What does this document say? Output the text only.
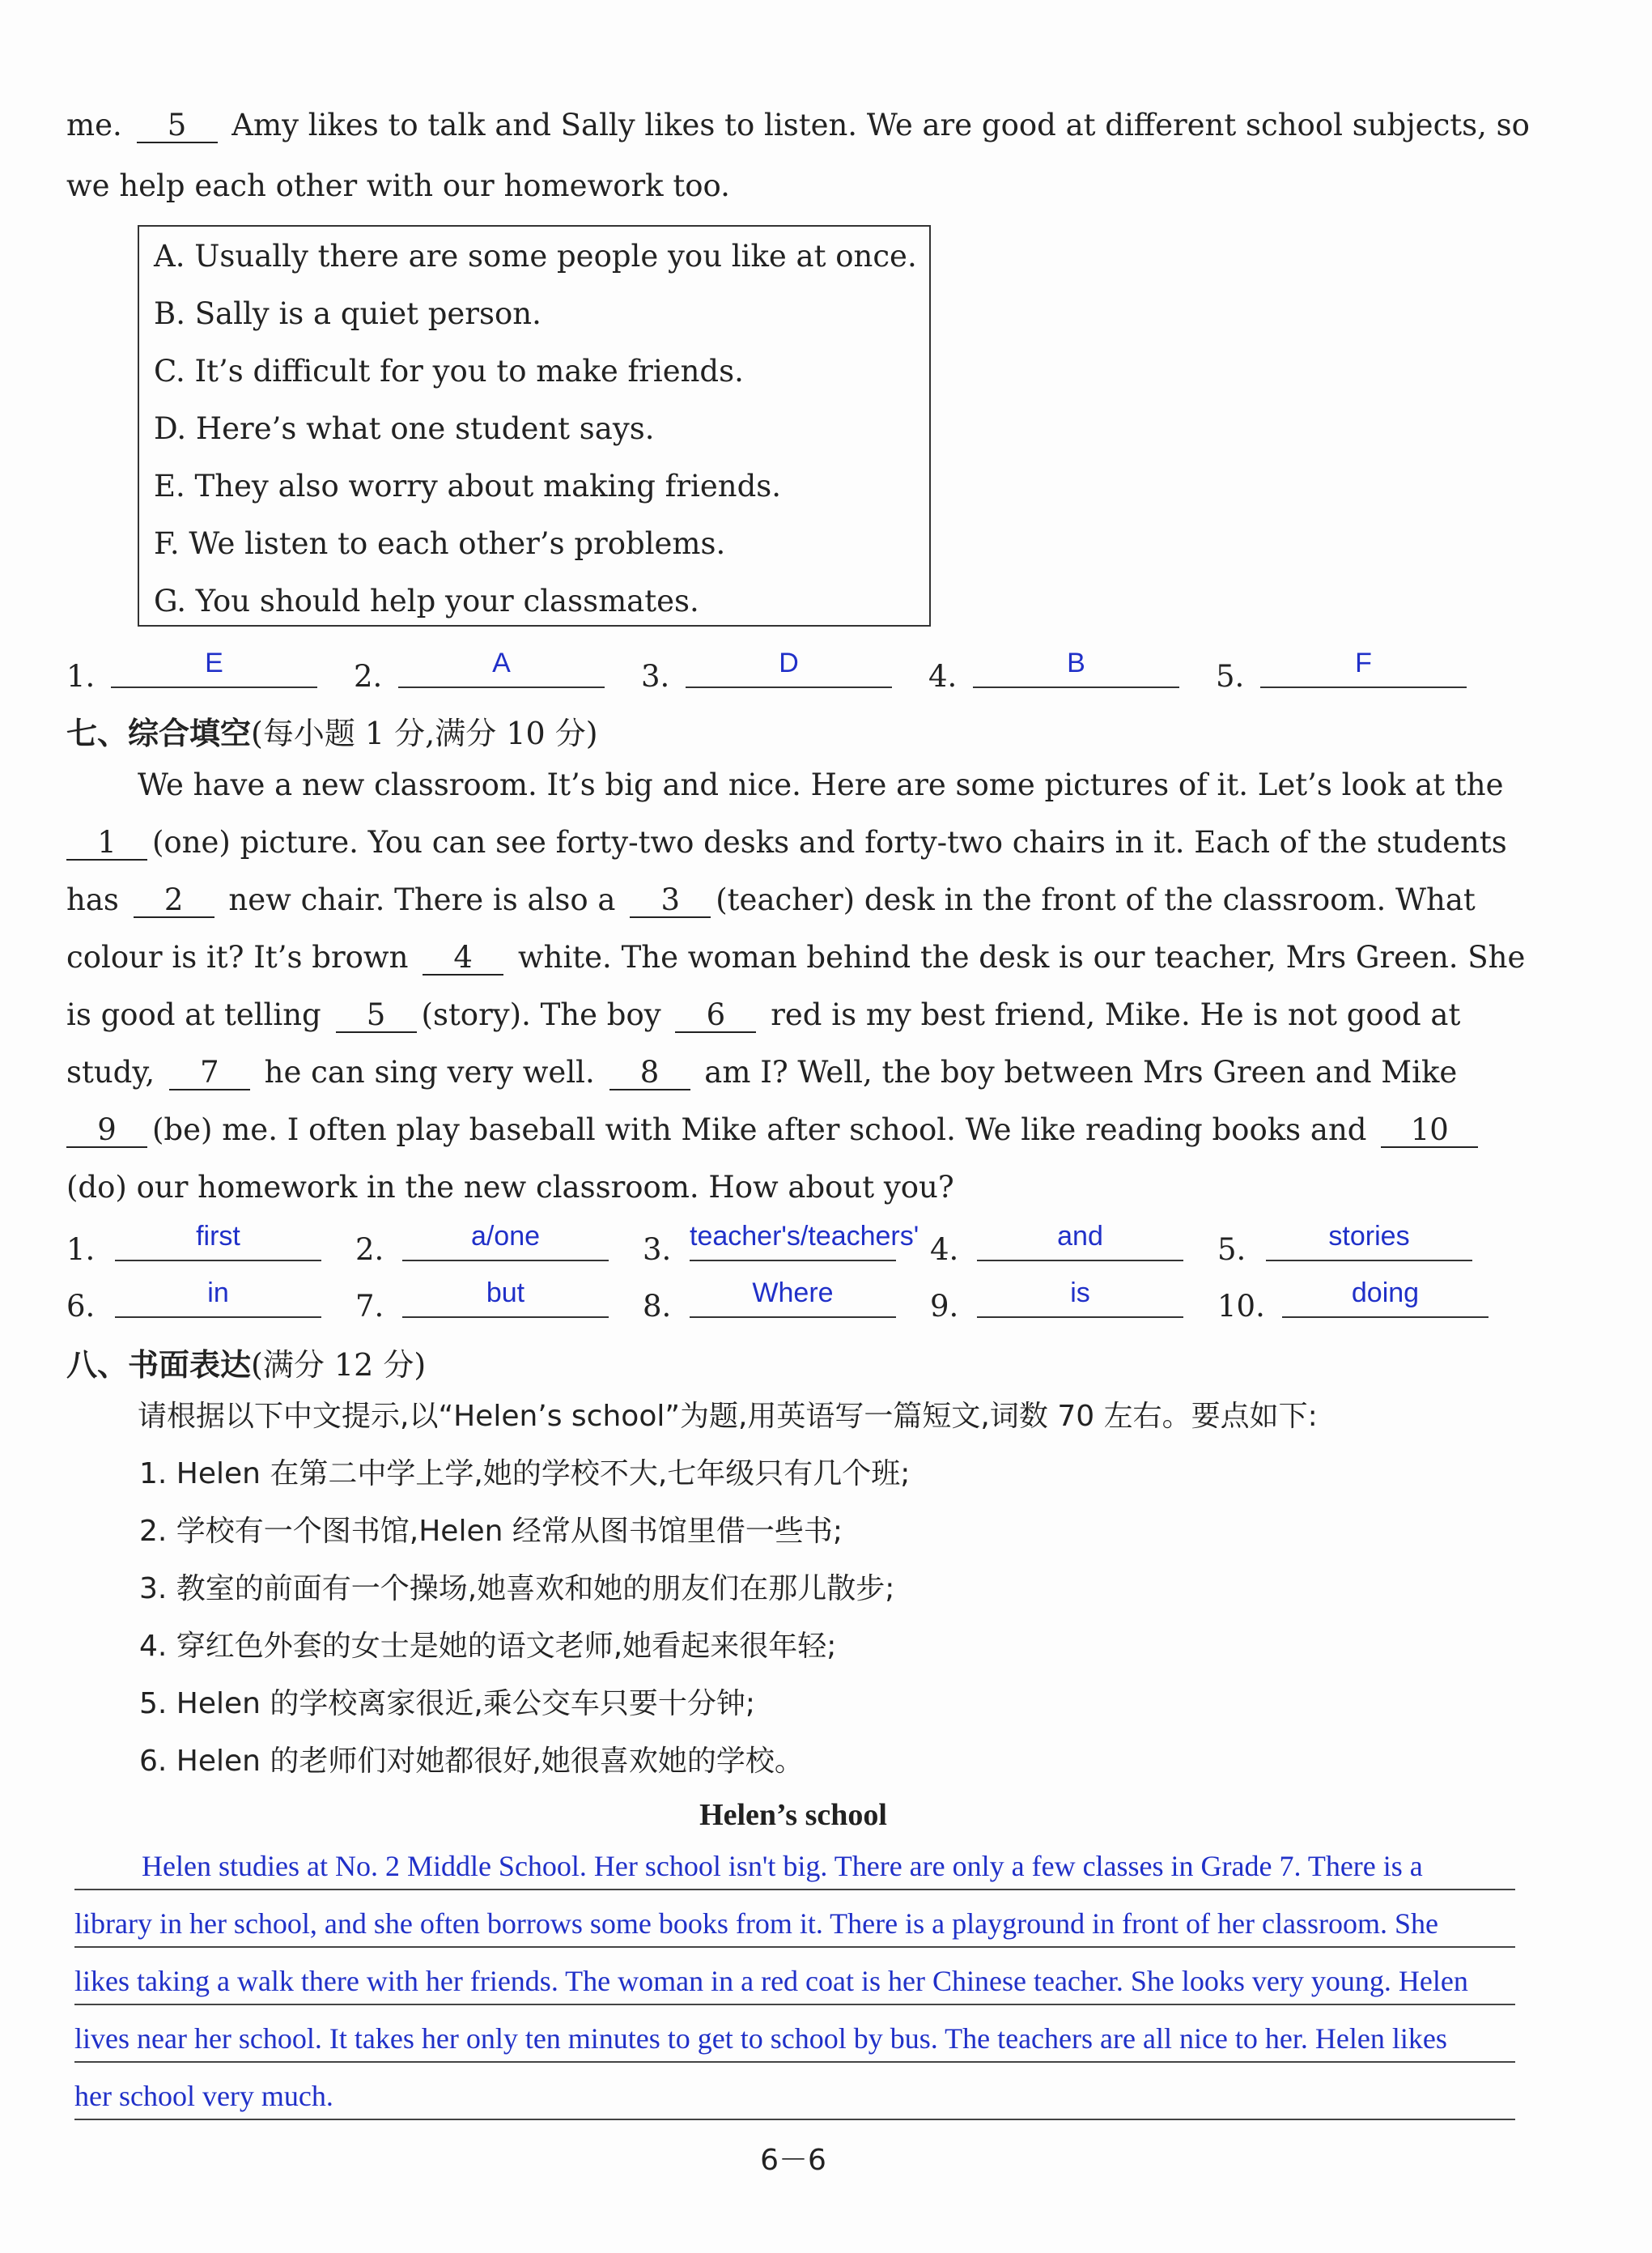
me. 5 Amy likes to talk and Sally likes to listen. We are good at different school subjects, so
we help each other with our homework too.
A. Usually there are some people you like at once.
B. Sally is a quiet person.
C. It’s difficult for you to make friends.
D. Here’s what one student says.
E. They also worry about making friends.
F. We listen to each other’s problems.
G. You should help your classmates.
1.	E	2.	A	3.	D	4.	B	5.	F
七、综合填空(每小题 1 分,满分 10 分)
We have a new classroom. It’s big and nice. Here are some pictures of it. Let’s look at the
1 (one) picture. You can see forty-two desks and forty-two chairs in it. Each of the students
has 2 new chair. There is also a 3 (teacher) desk in the front of the classroom. What
colour is it? It’s brown 4 white. The woman behind the desk is our teacher, Mrs Green. She
is good at telling 5 (story). The boy 6 red is my best friend, Mike. He is not good at
study, 7 he can sing very well. 8 am I? Well, the boy between Mrs Green and Mike
9 (be) me. I often play baseball with Mike after school. We like reading books and 10
(do) our homework in the new classroom. How about you?
1.	first	2.	a/one	3. teacher's/teachers' 4.	and	5.	stories
6.	in	7.	but	8.	Where	9.	is	10.	doing
八、书面表达(满分 12 分)
请根据以下中文提示,以“Helen’s school”为题,用英语写一篇短文,词数 70 左右。要点如下:
1. Helen 在第二中学上学,她的学校不大,七年级只有几个班;
2. 学校有一个图书馆,Helen 经常从图书馆里借一些书;
3. 教室的前面有一个操场,她喜欢和她的朋友们在那儿散步;
4. 穿红色外套的女士是她的语文老师,她看起来很年轻;
5. Helen 的学校离家很近,乘公交车只要十分钟;
6. Helen 的老师们对她都很好,她很喜欢她的学校。
Helen’s school
Helen studies at No. 2 Middle School. Her school isn't big. There are only a few classes in Grade 7. There is a
library in her school, and she often borrows some books from it. There is a playground in front of her classroom. She
likes taking a walk there with her friends. The woman in a red coat is her Chinese teacher. She looks very young. Helen
lives near her school. It takes her only ten minutes to get to school by bus. The teachers are all nice to her. Helen likes
her school very much.
6－6
